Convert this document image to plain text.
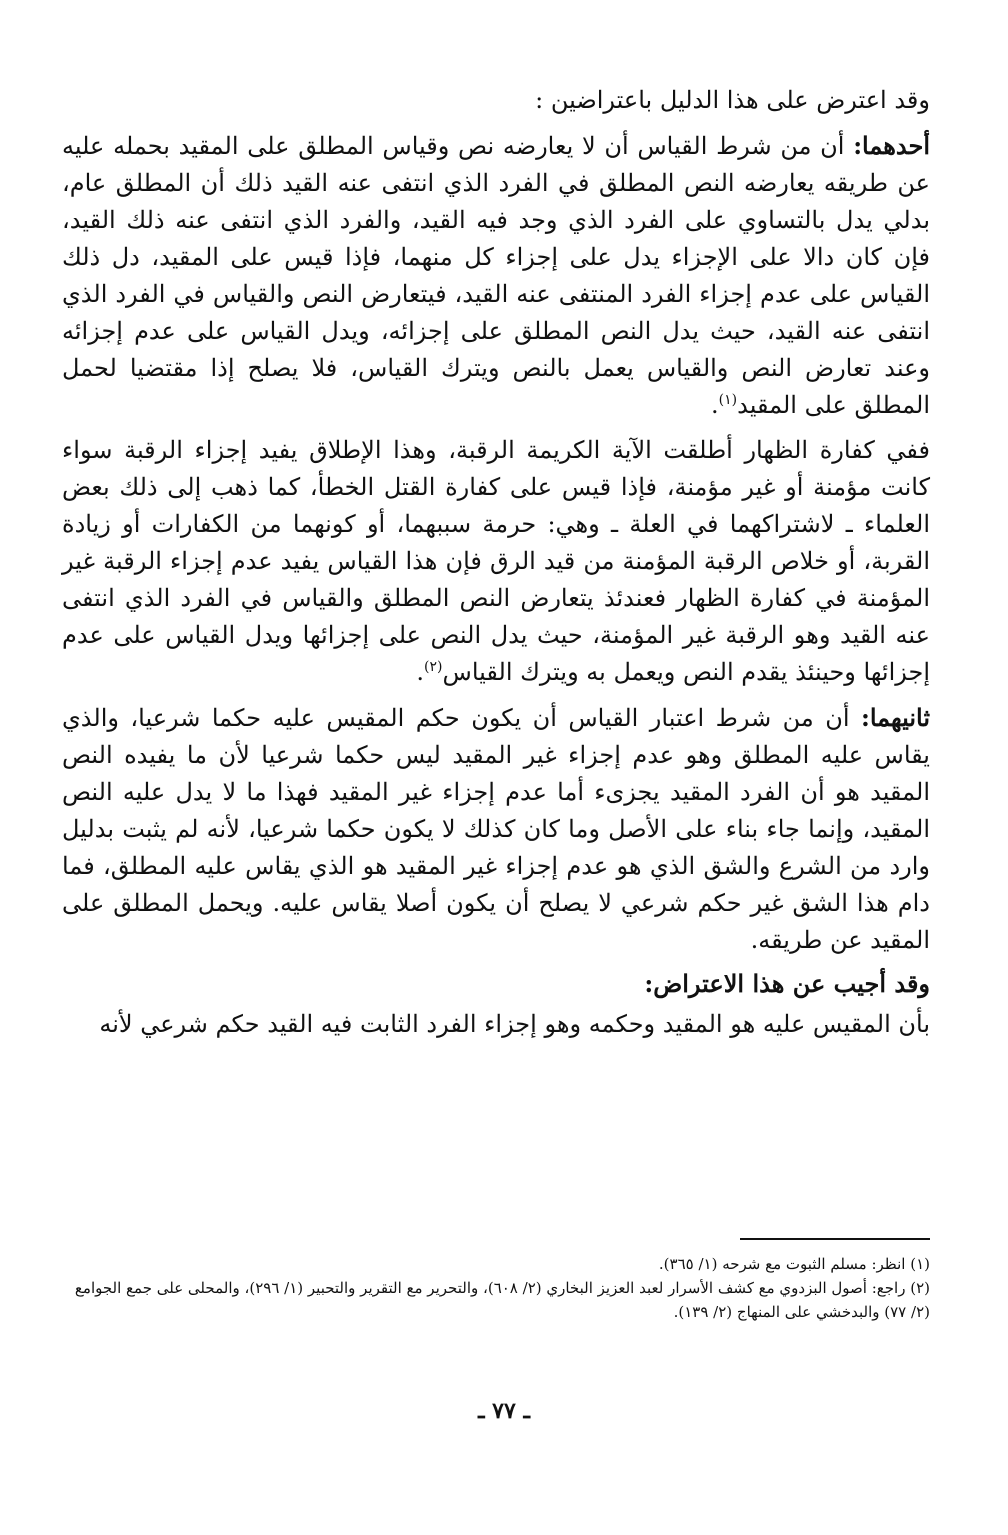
وقد اعترض على هذا الدليل باعتراضين :

أحدهما: أن من شرط القياس أن لا يعارضه نص وقياس المطلق على المقيد بحمله عليه عن طريقه يعارضه النص المطلق في الفرد الذي انتفى عنه القيد ذلك أن المطلق عام، بدلي يدل بالتساوي على الفرد الذي وجد فيه القيد، والفرد الذي انتفى عنه ذلك القيد، فإن كان دالا على الإجزاء يدل على إجزاء كل منهما، فإذا قيس على المقيد، دل ذلك القياس على عدم إجزاء الفرد المنتفى عنه القيد، فيتعارض النص والقياس في الفرد الذي انتفى عنه القيد، حيث يدل النص المطلق على إجزائه، ويدل القياس على عدم إجزائه وعند تعارض النص والقياس يعمل بالنص ويترك القياس، فلا يصلح إذا مقتضيا لحمل المطلق على المقيد$^{(١)}$.

ففي كفارة الظهار أطلقت الآية الكريمة الرقبة، وهذا الإطلاق يفيد إجزاء الرقبة سواء كانت مؤمنة أو غير مؤمنة، فإذا قيس على كفارة القتل الخطأ، كما ذهب إلى ذلك بعض العلماء ـ لاشتراكهما في العلة ـ وهي: حرمة سببهما، أو كونهما من الكفارات أو زيادة القربة، أو خلاص الرقبة المؤمنة من قيد الرق فإن هذا القياس يفيد عدم إجزاء الرقبة غير المؤمنة في كفارة الظهار فعندئذ يتعارض النص المطلق والقياس في الفرد الذي انتفى عنه القيد وهو الرقبة غير المؤمنة، حيث يدل النص على إجزائها ويدل القياس على عدم إجزائها وحينئذ يقدم النص ويعمل به ويترك القياس$^{(٢)}$.

ثانيهما: أن من شرط اعتبار القياس أن يكون حكم المقيس عليه حكما شرعيا، والذي يقاس عليه المطلق وهو عدم إجزاء غير المقيد ليس حكما شرعيا لأن ما يفيده النص المقيد هو أن الفرد المقيد يجزىء أما عدم إجزاء غير المقيد فهذا ما لا يدل عليه النص المقيد، وإنما جاء بناء على الأصل وما كان كذلك لا يكون حكما شرعيا، لأنه لم يثبت بدليل وارد من الشرع والشق الذي هو عدم إجزاء غير المقيد هو الذي يقاس عليه المطلق، فما دام هذا الشق غير حكم شرعي لا يصلح أن يكون أصلا يقاس عليه. ويحمل المطلق على المقيد عن طريقه.

وقد أجيب عن هذا الاعتراض:

بأن المقيس عليه هو المقيد وحكمه وهو إجزاء الفرد الثابت فيه القيد حكم شرعي لأنه

(١) انظر: مسلم الثبوت مع شرحه (١/ ٣٦٥).

(٢) راجع: أصول البزدوي مع كشف الأسرار لعبد العزيز البخاري (٢/ ٦٠٨)، والتحرير مع التقرير والتحبير (١/ ٢٩٦)، والمحلى على جمع الجوامع (٢/ ٧٧) والبدخشي على المنهاج (٢/ ١٣٩).

ـ ٧٧ ـ
